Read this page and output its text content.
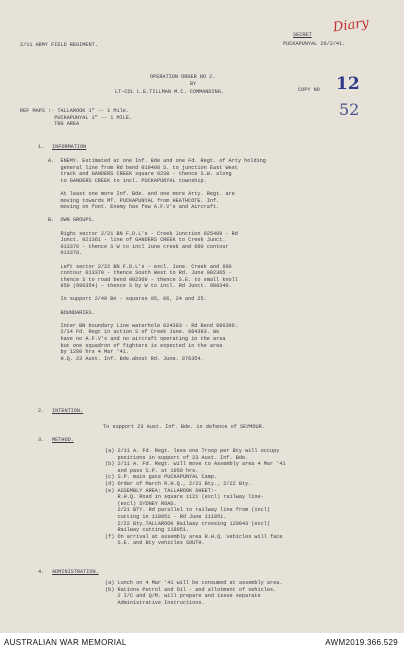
Diary
2/11 ARMY FIELD REGIMENT.
SECRET
PUCKAPUNYAL 26/2/41.
OPERATION ORDER NO 2.
BY
LT-COL L.E.TILLMAN M.C. COMMANDING.	COPY NO 12
52
REF MAPS :- TALLAROOK 1" -- 1 Mile.
PUCKAPUNYAL 1" -- 1 MILE.
TRG AREA
1. INFORMATION
A.  ENEMY. Estimated at one Inf. Bde and one Fd. Regt. of Arty holding
general line from Rd bend 019408 S. to junction East West
track and GANDERS CREEK square 0238 - thence S.W. along
to GANDERS CREEK to incl. PUCKAPUNYAL township.

At least one more Inf. Bde. and one more Arty. Regt. are
moving towards MT. PUCKAPUNYAL from HEATHCOTE. Inf.
moving on foot. Enemy has few A.F.V's and Aircraft.

B.  OWN GROUPS.

Right sector 2/21 BN F.D.L's - Creek Junction 025409 - Rd
Junct. 021361 - line of GANDERS CREEK to Creek Junct.
013376 - thence S W to incl June creek and 600 contour
013370.

Left sector 2/22 BN F.D.L's - excl. June. Creek and 600
contour 013370 - thence South West to Rd. June 002365 -
thence S to road bend 002360 - thence S.E. to small knoll
850 (996354) - thence S by W to incl. Rd Junct. 988340.

In support 2/40 Bn - squares 05, 06, 24 and 25.

BOUNDARIES.

Inter BN boundary Line waterhole 024393 - Rd Bend 986396.
2/14 Fd. Regt in action S of Creek June. 064383. We
have no A.F.V's and no aircraft operating in the area
but one squadron of fighters is expected in the area
by 1200 hrs 4 Mar '41.
H.Q. 23 Aust. Inf. Bde.about Rd. June. 076354.
2. INTENTION.
To support 23 Aust. Inf. Bde. in defence of SEYMOUR.
3. METHOD.
(a) 2/11 A. Fd. Regt. less one Troop per Bty will occupy
positions in support of 23 Aust. Inf. Bde.
(b) 2/11 A. Fd. Regt. will move to Assembly area 4 Mar '41
and pass S.P. at 1050 hrs.
(c) S.P. main gate PUCKAPUNYAL Camp.
(d) Order of March R.H.Q., 2/21 Bty., 2/22 Bty.
(e) ASSEMBLY AREA: TALLAROOK SHEET:-
R.H.Q. Road in square 1121 (excl) railway line-
(excl) SYDNEY ROAD.
2/21 BTY. Rd parallel to railway line from (incl)
cutting in 118051 - Rd June 111051.
2/22 Bty.TALLAROOK Railway crossing 129043 (excl)
Railway cutting 118051.
(f) On arrival at assembly area R.H.Q. vehicles will face
S.E. and Bty vehicles SOUTH.
4. ADMINISTRATION.
(a) Lunch on 4 Mar '41 will be consumed at assembly area.
(b) Rations Petrol and Oil - and allotment of vehicles.
2 I/C and Q/M. will prepare and issue separate
Administrative Instructions.
AUSTRALIAN WAR MEMORIAL	AWM2019.366.529
